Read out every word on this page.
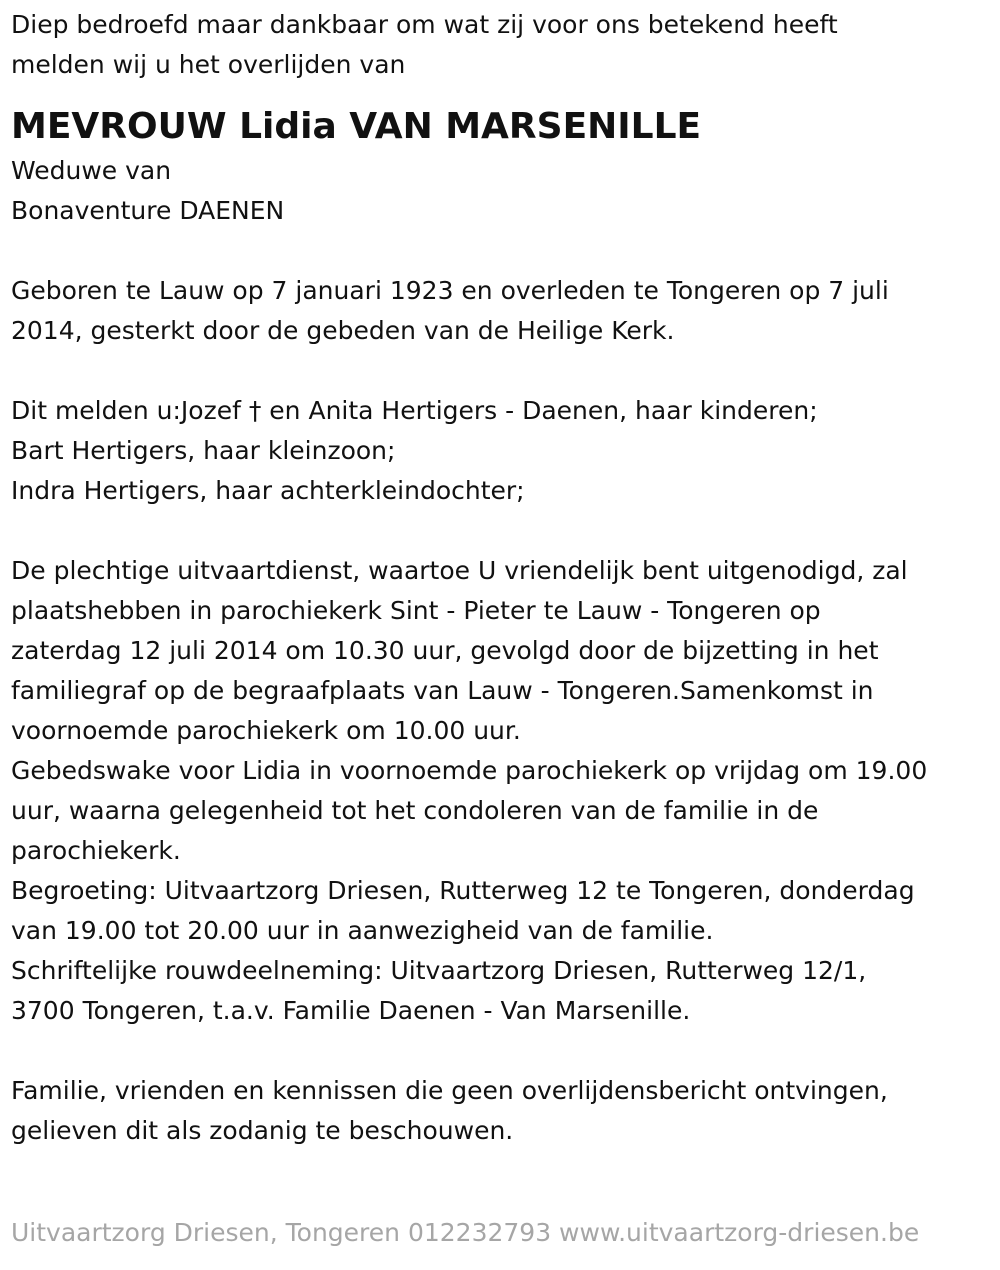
Diep bedroefd maar dankbaar om wat zij voor ons betekend heeft
melden wij u het overlijden van
MEVROUW Lidia VAN MARSENILLE
Weduwe van
Bonaventure DAENEN
Geboren te Lauw op 7 januari 1923 en overleden te Tongeren op 7 juli
2014, gesterkt door de gebeden van de Heilige Kerk.
Dit melden u:Jozef † en Anita Hertigers - Daenen, haar kinderen;
Bart Hertigers, haar kleinzoon;
Indra Hertigers, haar achterkleindochter;
De plechtige uitvaartdienst, waartoe U vriendelijk bent uitgenodigd, zal
plaatshebben in parochiekerk Sint - Pieter te Lauw - Tongeren op
zaterdag 12 juli 2014 om 10.30 uur, gevolgd door de bijzetting in het
familiegraf op de begraafplaats van Lauw - Tongeren.Samenkomst in
voornoemde parochiekerk om 10.00 uur.
Gebedswake voor Lidia in voornoemde parochiekerk op vrijdag om 19.00
uur, waarna gelegenheid tot het condoleren van de familie in de
parochiekerk.
Begroeting: Uitvaartzorg Driesen, Rutterweg 12 te Tongeren, donderdag
van 19.00 tot 20.00 uur in aanwezigheid van de familie.
Schriftelijke rouwdeelneming: Uitvaartzorg Driesen, Rutterweg 12/1,
3700 Tongeren, t.a.v. Familie Daenen - Van Marsenille.
Familie, vrienden en kennissen die geen overlijdensbericht ontvingen,
gelieven dit als zodanig te beschouwen.
Uitvaartzorg Driesen, Tongeren 012232793 www.uitvaartzorg-driesen.be
